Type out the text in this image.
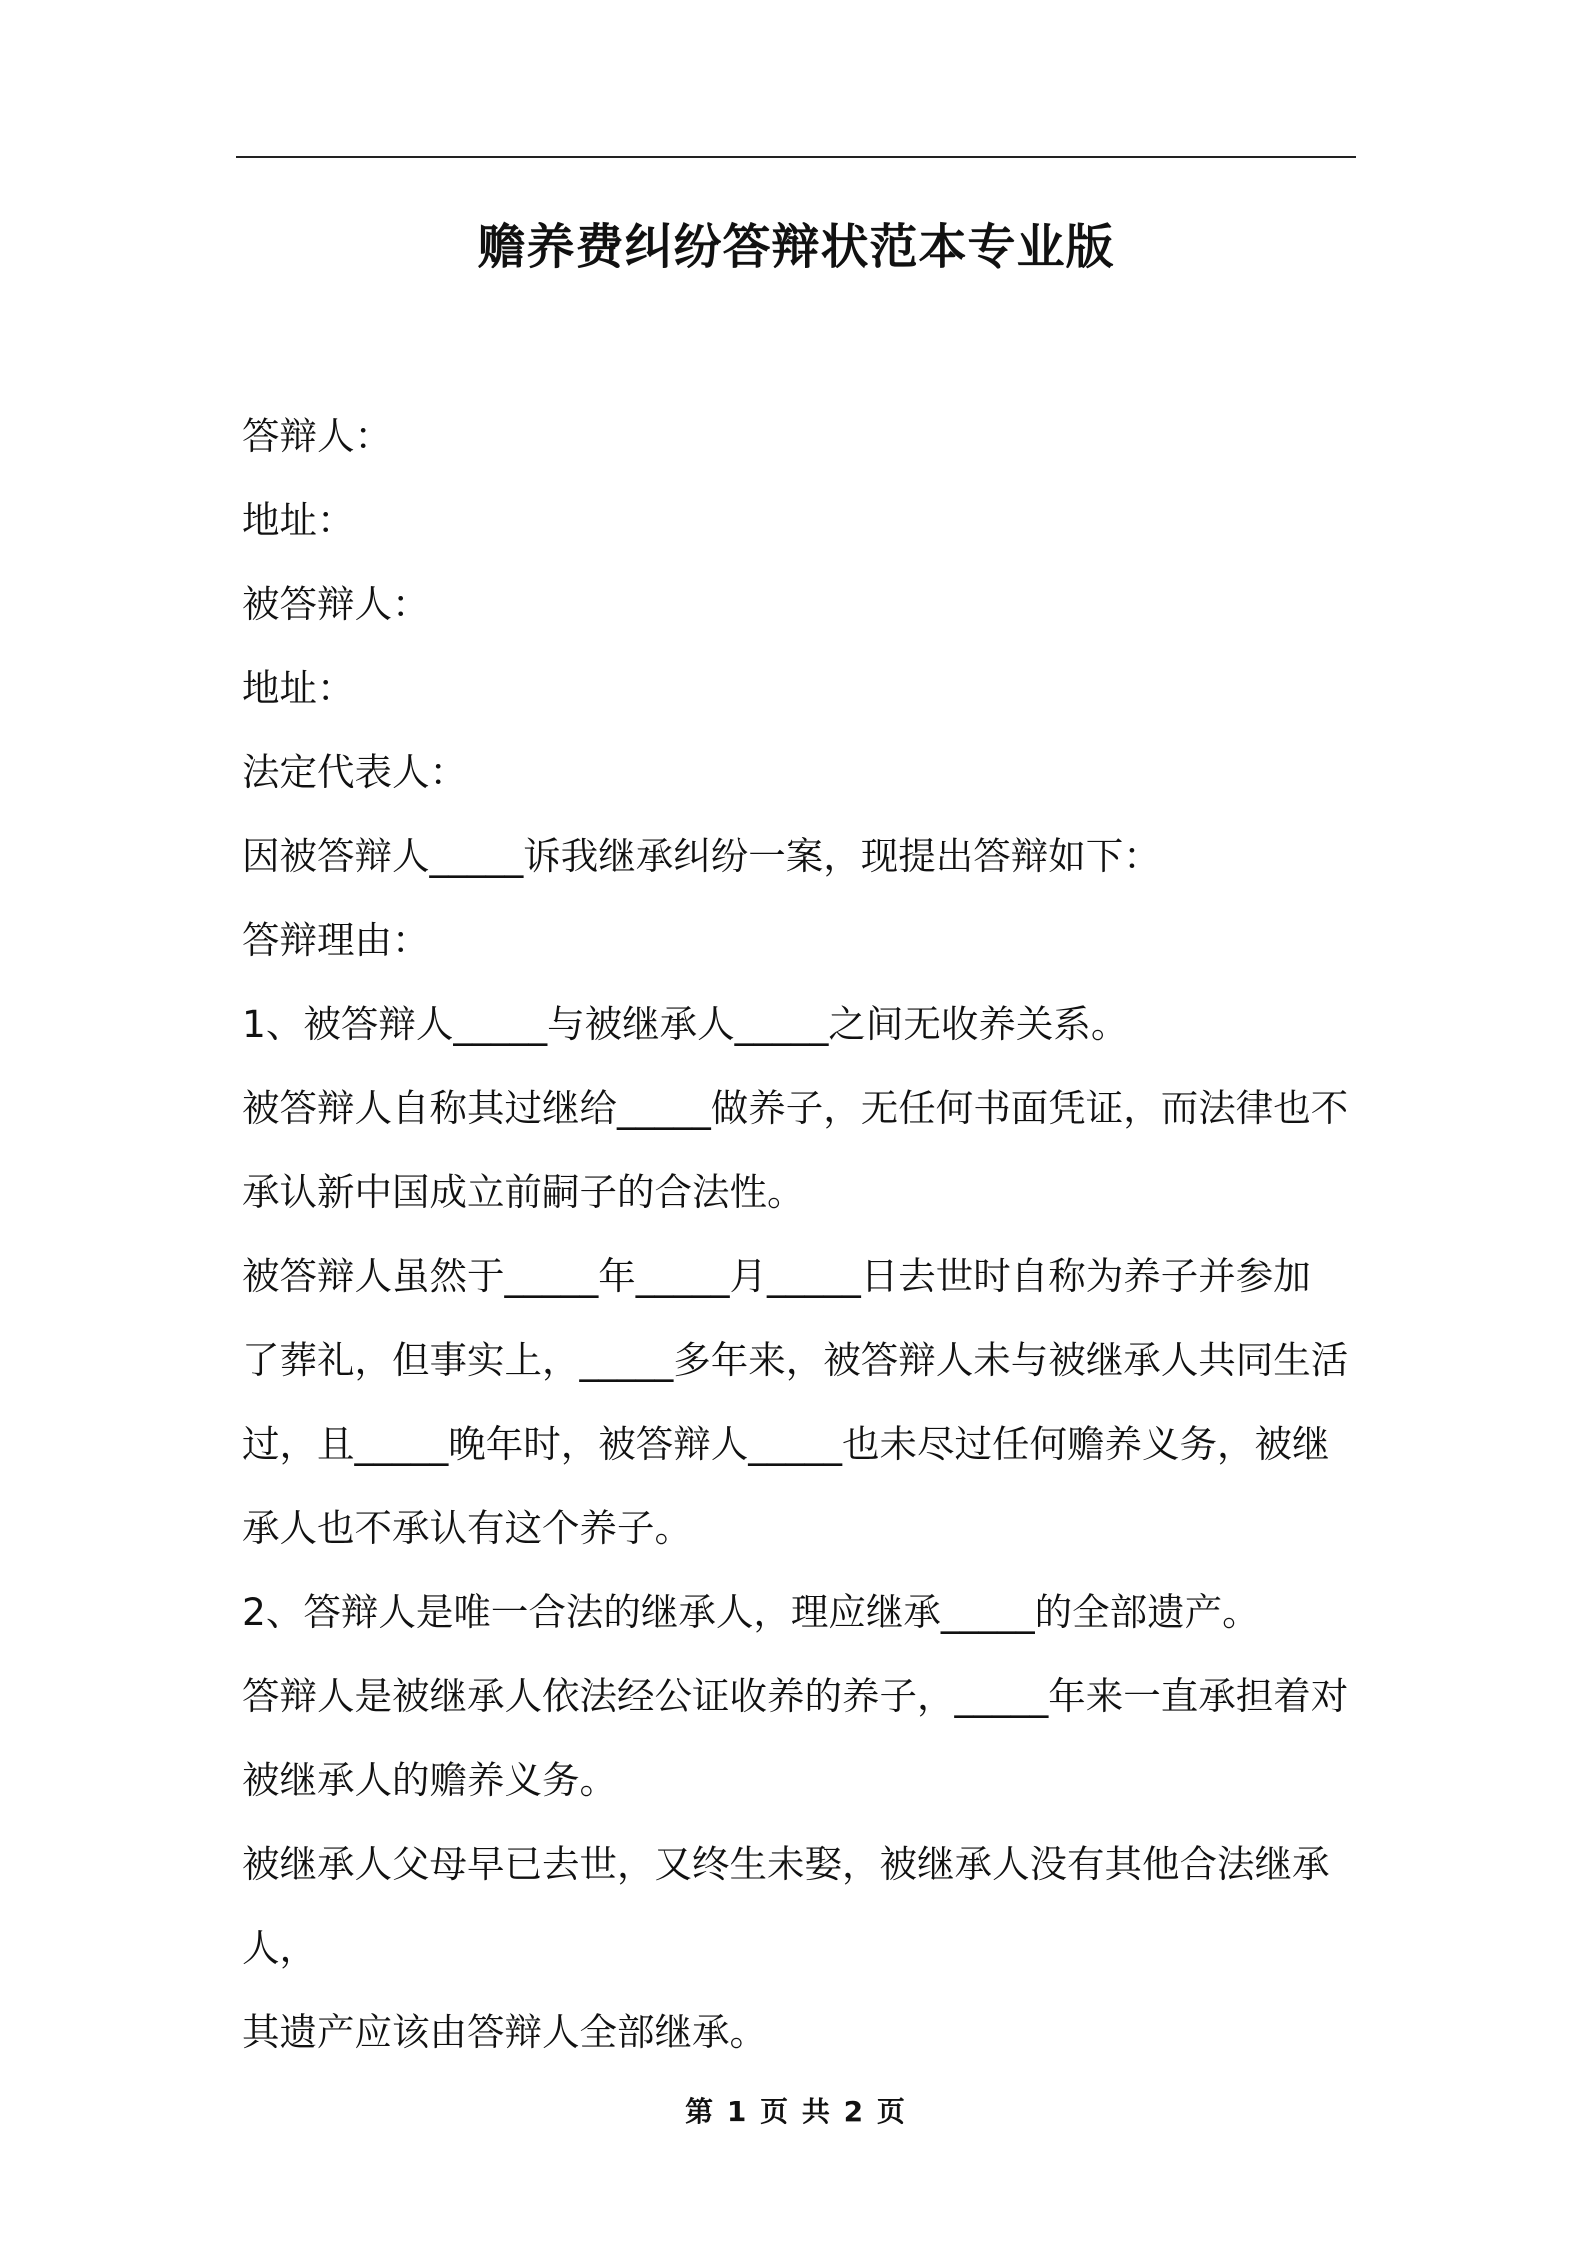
赡养费纠纷答辩状范本专业版

答辩人：

地址：

被答辩人：

地址：

法定代表人：

因被答辩人_____诉我继承纠纷一案，现提出答辩如下：

答辩理由：

1、被答辩人_____与被继承人_____之间无收养关系。

被答辩人自称其过继给_____做养子，无任何书面凭证，而法律也不

承认新中国成立前嗣子的合法性。

被答辩人虽然于_____年_____月_____日去世时自称为养子并参加

了葬礼，但事实上，_____多年来，被答辩人未与被继承人共同生活

过，且_____晚年时，被答辩人_____也未尽过任何赡养义务，被继

承人也不承认有这个养子。

2、答辩人是唯一合法的继承人，理应继承_____的全部遗产。

答辩人是被继承人依法经公证收养的养子，_____年来一直承担着对

被继承人的赡养义务。

被继承人父母早已去世，又终生未娶，被继承人没有其他合法继承人，

其遗产应该由答辩人全部继承。

第 1 页 共 2 页
